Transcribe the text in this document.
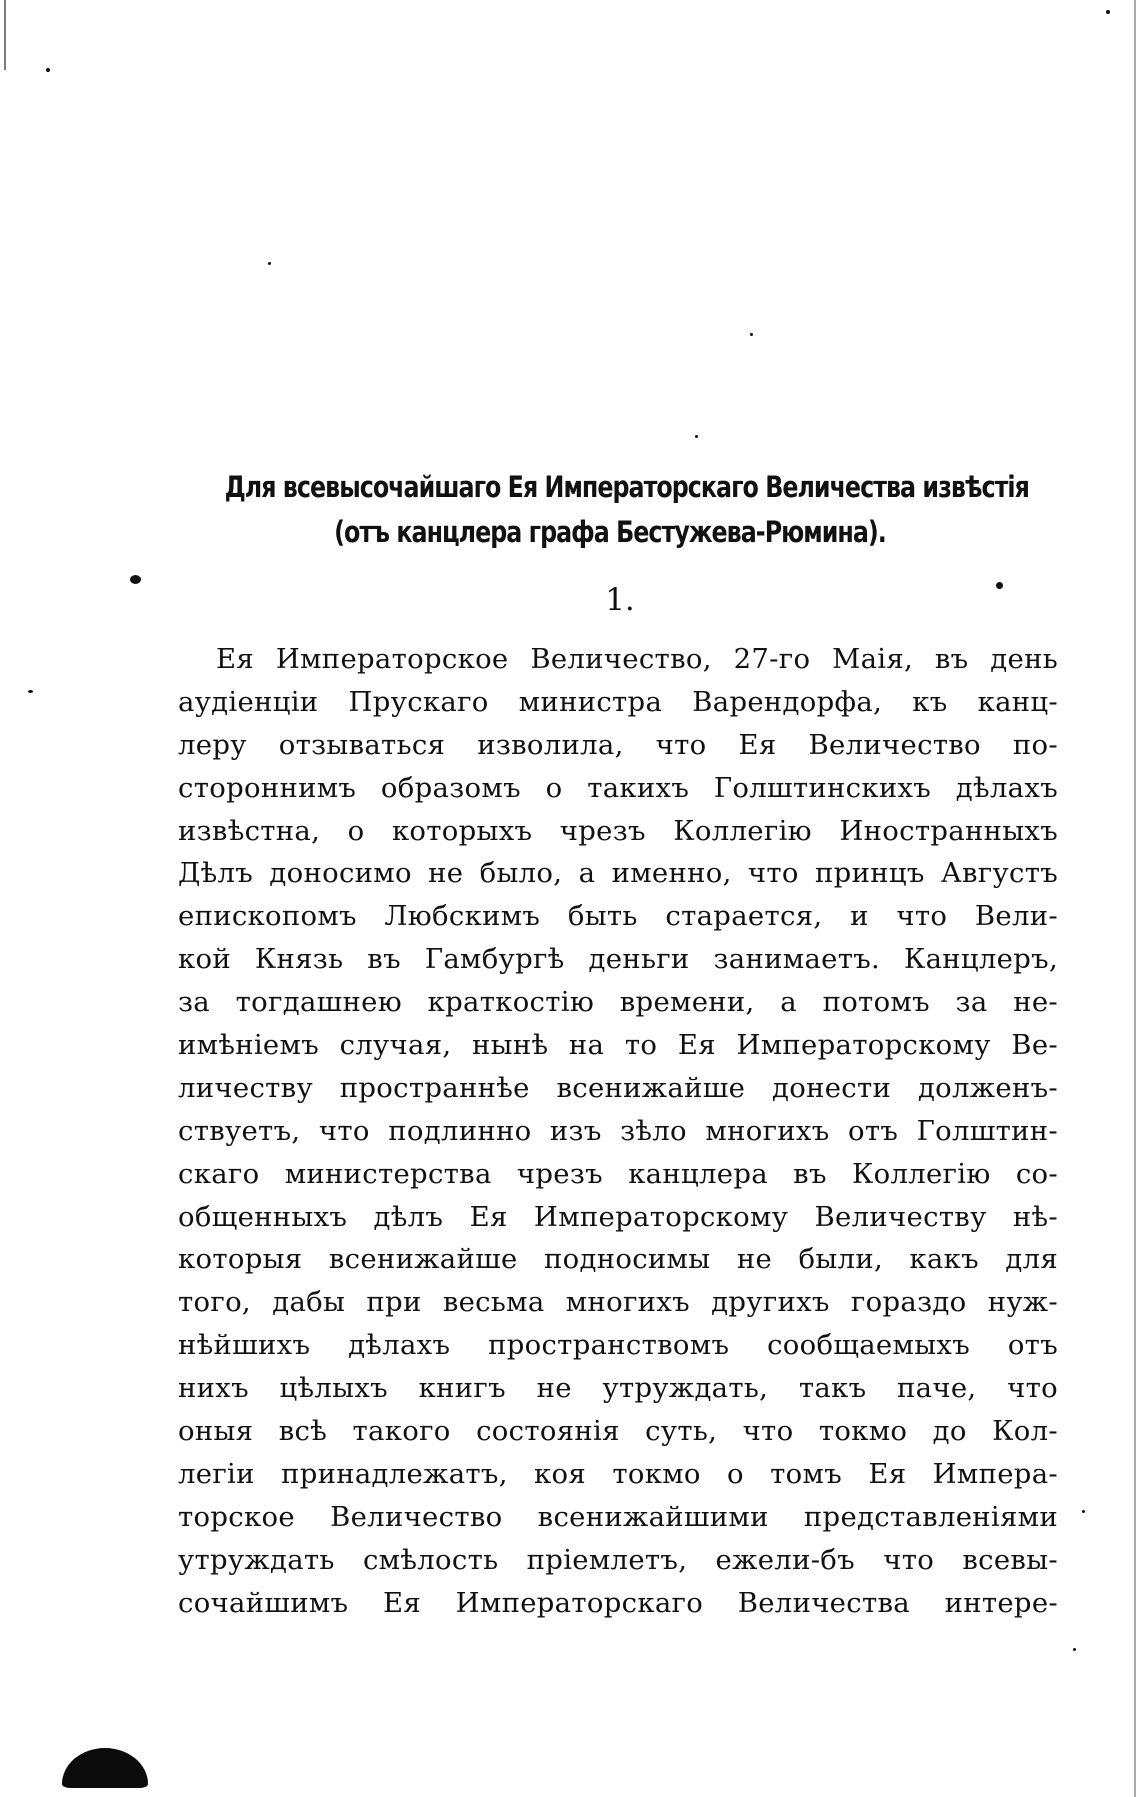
Для всевысочайшаго Ея Императорскаго Величества извѣстія
(отъ канцлера графа Бестужева-Рюмина).
1.
Ея Императорское Величество, 27-го Маія, въ день
аудіенціи Прускаго министра Варендорфа, къ канц-
леру отзываться изволила, что Ея Величество по-
стороннимъ образомъ о такихъ Голштинскихъ дѣлахъ
извѣстна, о которыхъ чрезъ Коллегію Иностранныхъ
Дѣлъ доносимо не было, а именно, что принцъ Августъ
епископомъ Любскимъ быть старается, и что Вели-
кой Князь въ Гамбургѣ деньги занимаетъ. Канцлеръ,
за тогдашнею краткостію времени, а потомъ за не-
имѣніемъ случая, нынѣ на то Ея Императорскому Ве-
личеству пространнѣе всенижайше донести долженъ-
ствуетъ, что подлинно изъ зѣло многихъ отъ Голштин-
скаго министерства чрезъ канцлера въ Коллегію со-
общенныхъ дѣлъ Ея Императорскому Величеству нѣ-
которыя всенижайше подносимы не были, какъ для
того, дабы при весьма многихъ другихъ гораздо нуж-
нѣйшихъ дѣлахъ пространствомъ сообщаемыхъ отъ
нихъ цѣлыхъ книгъ не утруждать, такъ паче, что
оныя всѣ такого состоянія суть, что токмо до Кол-
легіи принадлежатъ, коя токмо о томъ Ея Импера-
торское Величество всенижайшими представленіями
утруждать смѣлость пріемлетъ, ежели-бъ что всевы-
сочайшимъ Ея Императорскаго Величества интере-
